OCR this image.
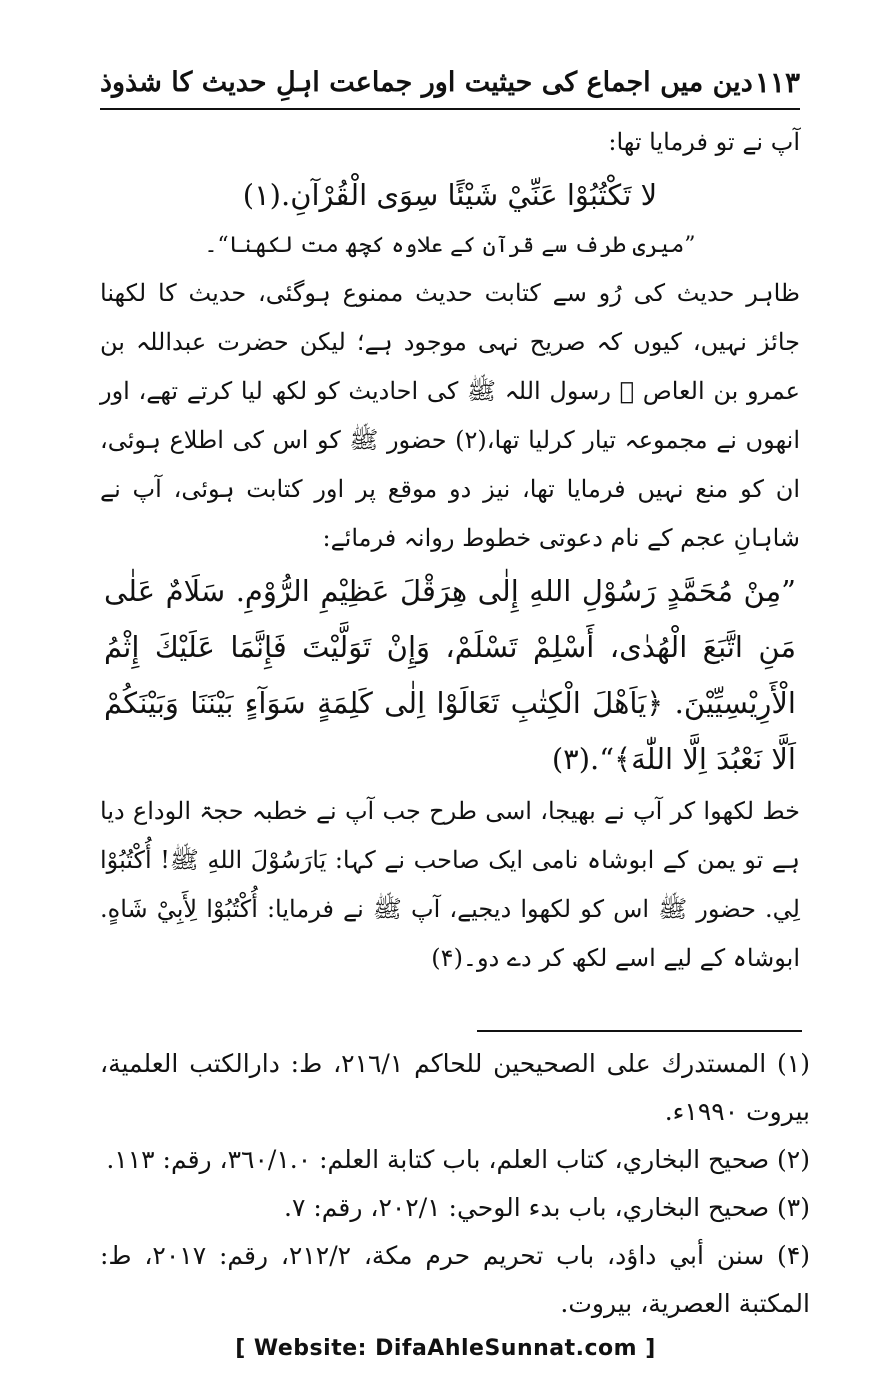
۱۱۳
دین میں اجماع کی حیثیت اور جماعت اہلِ حدیث کا شذوذ

آپ نے تو فرمایا تھا:

لا تَكْتُبُوْا عَنِّيْ شَيْئًا سِوَى الْقُرْآنِ.(۱)

”میری طرف سے قرآن کے علاوہ کچھ مت لکھنا“۔

ظاہر حدیث کی رُو سے کتابت حدیث ممنوع ہوگئی، حدیث کا لکھنا جائز نہیں، کیوں کہ صریح نہی موجود ہے؛ لیکن حضرت عبداللہ بن عمرو بن العاص ﷜ رسول اللہ ﷺ کی احادیث کو لکھ لیا کرتے تھے، اور انھوں نے مجموعہ تیار کرلیا تھا،(۲) حضور ﷺ کو اس کی اطلاع ہوئی، ان کو منع نہیں فرمایا تھا، نیز دو موقع پر اور کتابت ہوئی، آپ نے شاہانِ عجم کے نام دعوتی خطوط روانہ فرمائے:

”مِنْ مُحَمَّدٍ رَسُوْلِ اللهِ إِلٰى هِرَقْلَ عَظِيْمِ الرُّوْمِ. سَلَامٌ عَلٰى مَنِ اتَّبَعَ الْهُدٰى، أَسْلِمْ تَسْلَمْ، وَإِنْ تَوَلَّيْتَ فَإِنَّمَا عَلَيْكَ إِثْمُ الْأَرِيْسِيِّيْنَ. ﴿يَاَهْلَ الْكِتٰبِ تَعَالَوْا اِلٰى كَلِمَةٍ سَوَآءٍ بَيْنَنَا وَبَيْنَكُمْ اَلَّا نَعْبُدَ اِلَّا اللّٰهَ﴾“.(۳)

خط لکھوا کر آپ نے بھیجا، اسی طرح جب آپ نے خطبہ حجۃ الوداع دیا ہے تو یمن کے ابوشاہ نامی ایک صاحب نے کہا: يَارَسُوْلَ اللهِ ﷺ! أُكْتُبُوْا لِي. حضور ﷺ اس کو لکھوا دیجیے، آپ ﷺ نے فرمایا: أُكْتُبُوْا لِأَبِيْ شَاهٍ. ابوشاہ کے لیے اسے لکھ کر دے دو۔(۴)

(۱) المستدرك على الصحيحين للحاكم ۲۱٦/۱، ط: دارالكتب العلمية، بيروت ۱۹۹۰ء.

(۲) صحيح البخاري، كتاب العلم، باب كتابة العلم: ۳٦۰/۱.۰، رقم: ۱۱۳.

(۳) صحيح البخاري، باب بدء الوحي: ۲۰۲/۱، رقم: ۷.

(۴) سنن أبي داؤد، باب تحريم حرم مكة، ۲۱۲/۲، رقم: ۲۰۱۷، ط: المكتبة العصرية، بيروت.

[ Website: DifaAhleSunnat.com ]
